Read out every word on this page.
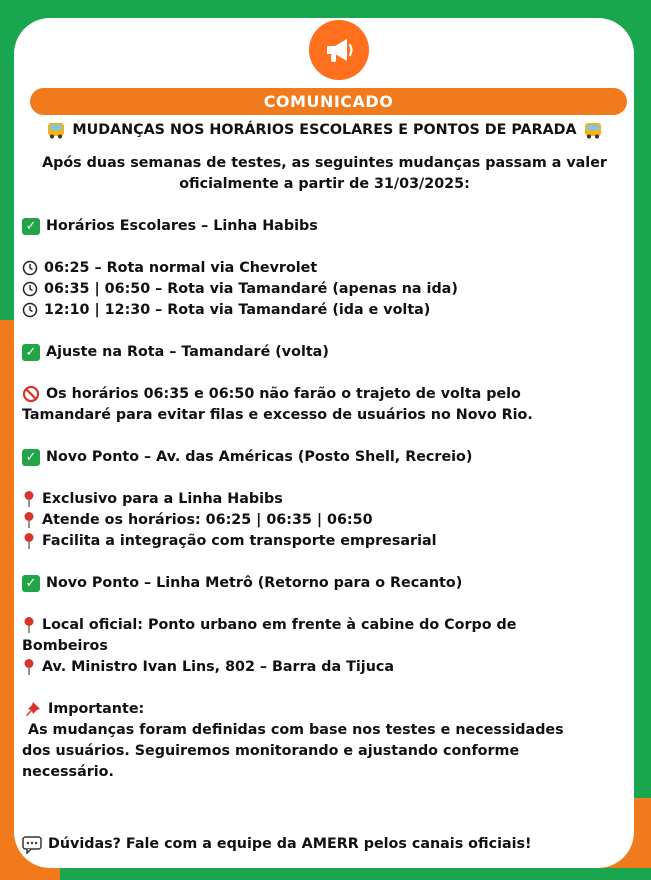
COMUNICADO
MUDANÇAS NOS HORÁRIOS ESCOLARES E PONTOS DE PARADA
Após duas semanas de testes, as seguintes mudanças passam a valer
oficialmente a partir de 31/03/2025:
✓ Horários Escolares – Linha Habibs
06:25 – Rota normal via Chevrolet
06:35 | 06:50 – Rota via Tamandaré (apenas na ida)
12:10 | 12:30 – Rota via Tamandaré (ida e volta)
✓ Ajuste na Rota – Tamandaré (volta)
Os horários 06:35 e 06:50 não farão o trajeto de volta pelo
Tamandaré para evitar filas e excesso de usuários no Novo Rio.
✓ Novo Ponto – Av. das Américas (Posto Shell, Recreio)
Exclusivo para a Linha Habibs
Atende os horários: 06:25 | 06:35 | 06:50
Facilita a integração com transporte empresarial
✓ Novo Ponto – Linha Metrô (Retorno para o Recanto)
Local oficial: Ponto urbano em frente à cabine do Corpo de
Bombeiros
Av. Ministro Ivan Lins, 802 – Barra da Tijuca
Importante:
As mudanças foram definidas com base nos testes e necessidades
dos usuários. Seguiremos monitorando e ajustando conforme
necessário.
Dúvidas? Fale com a equipe da AMERR pelos canais oficiais!
